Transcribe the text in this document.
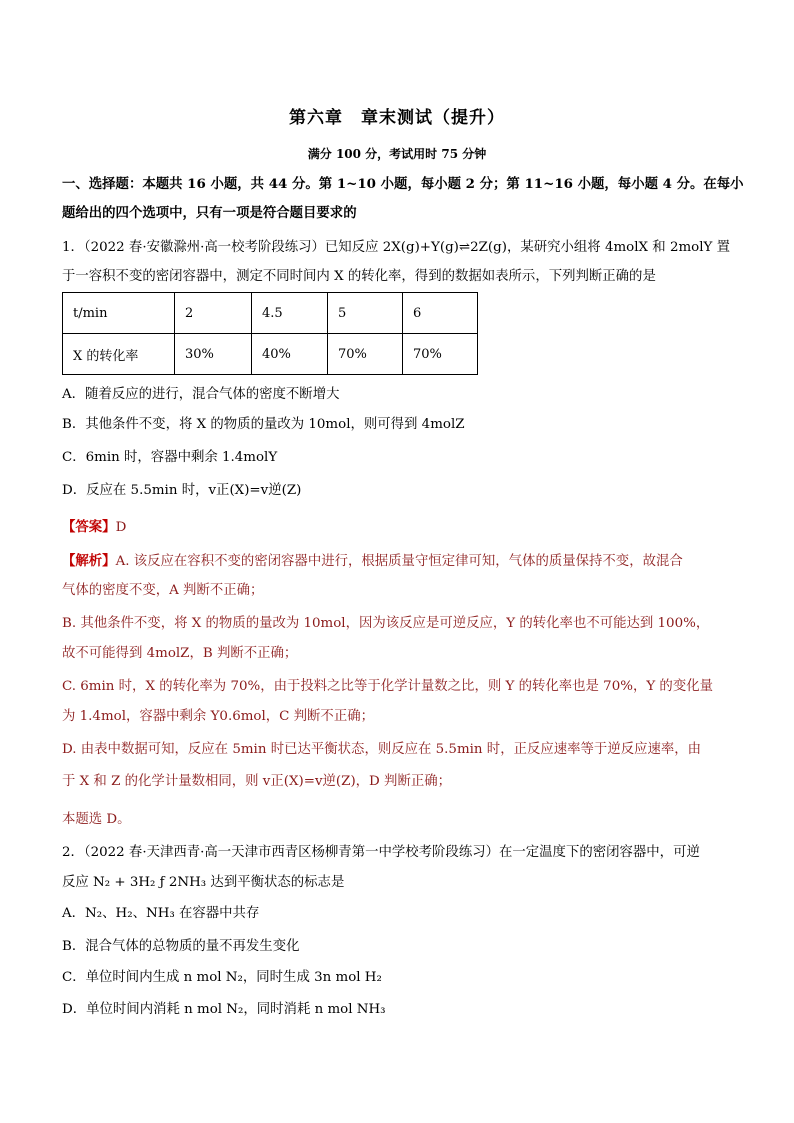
第六章　章末测试（提升）
满分 100 分，考试用时 75 分钟
一、选择题：本题共 16 小题，共 44 分。第 1~10 小题，每小题 2 分；第 11~16 小题，每小题 4 分。在每小
题给出的四个选项中，只有一项是符合题目要求的
1．（2022 春·安徽滁州·高一校考阶段练习）已知反应 2X(g)+Y(g)⇌2Z(g)，某研究小组将 4molX 和 2molY 置
于一容积不变的密闭容器中，测定不同时间内 X 的转化率，得到的数据如表所示，下列判断正确的是
t/min	2	4.5	5	6
X 的转化率	30%	40%	70%	70%
A．随着反应的进行，混合气体的密度不断增大
B．其他条件不变，将 X 的物质的量改为 10mol，则可得到 4molZ
C．6min 时，容器中剩余 1.4molY
D．反应在 5.5min 时，v正(X)=v逆(Z)
【答案】D
【解析】A. 该反应在容积不变的密闭容器中进行，根据质量守恒定律可知，气体的质量保持不变，故混合
气体的密度不变，A 判断不正确；
B. 其他条件不变，将 X 的物质的量改为 10mol，因为该反应是可逆反应，Y 的转化率也不可能达到 100%，
故不可能得到 4molZ，B 判断不正确；
C. 6min 时，X 的转化率为 70%，由于投料之比等于化学计量数之比，则 Y 的转化率也是 70%，Y 的变化量
为 1.4mol，容器中剩余 Y0.6mol，C 判断不正确；
D. 由表中数据可知，反应在 5min 时已达平衡状态，则反应在 5.5min 时，正反应速率等于逆反应速率，由
于 X 和 Z 的化学计量数相同，则 v正(X)=v逆(Z)，D 判断正确；
本题选 D。
2．（2022 春·天津西青·高一天津市西青区杨柳青第一中学校考阶段练习）在一定温度下的密闭容器中，可逆
反应 N₂ + 3H₂ ƒ 2NH₃ 达到平衡状态的标志是
A．N₂、H₂、NH₃ 在容器中共存
B．混合气体的总物质的量不再发生变化
C．单位时间内生成 n mol N₂，同时生成 3n mol H₂
D．单位时间内消耗 n mol N₂，同时消耗 n mol NH₃
